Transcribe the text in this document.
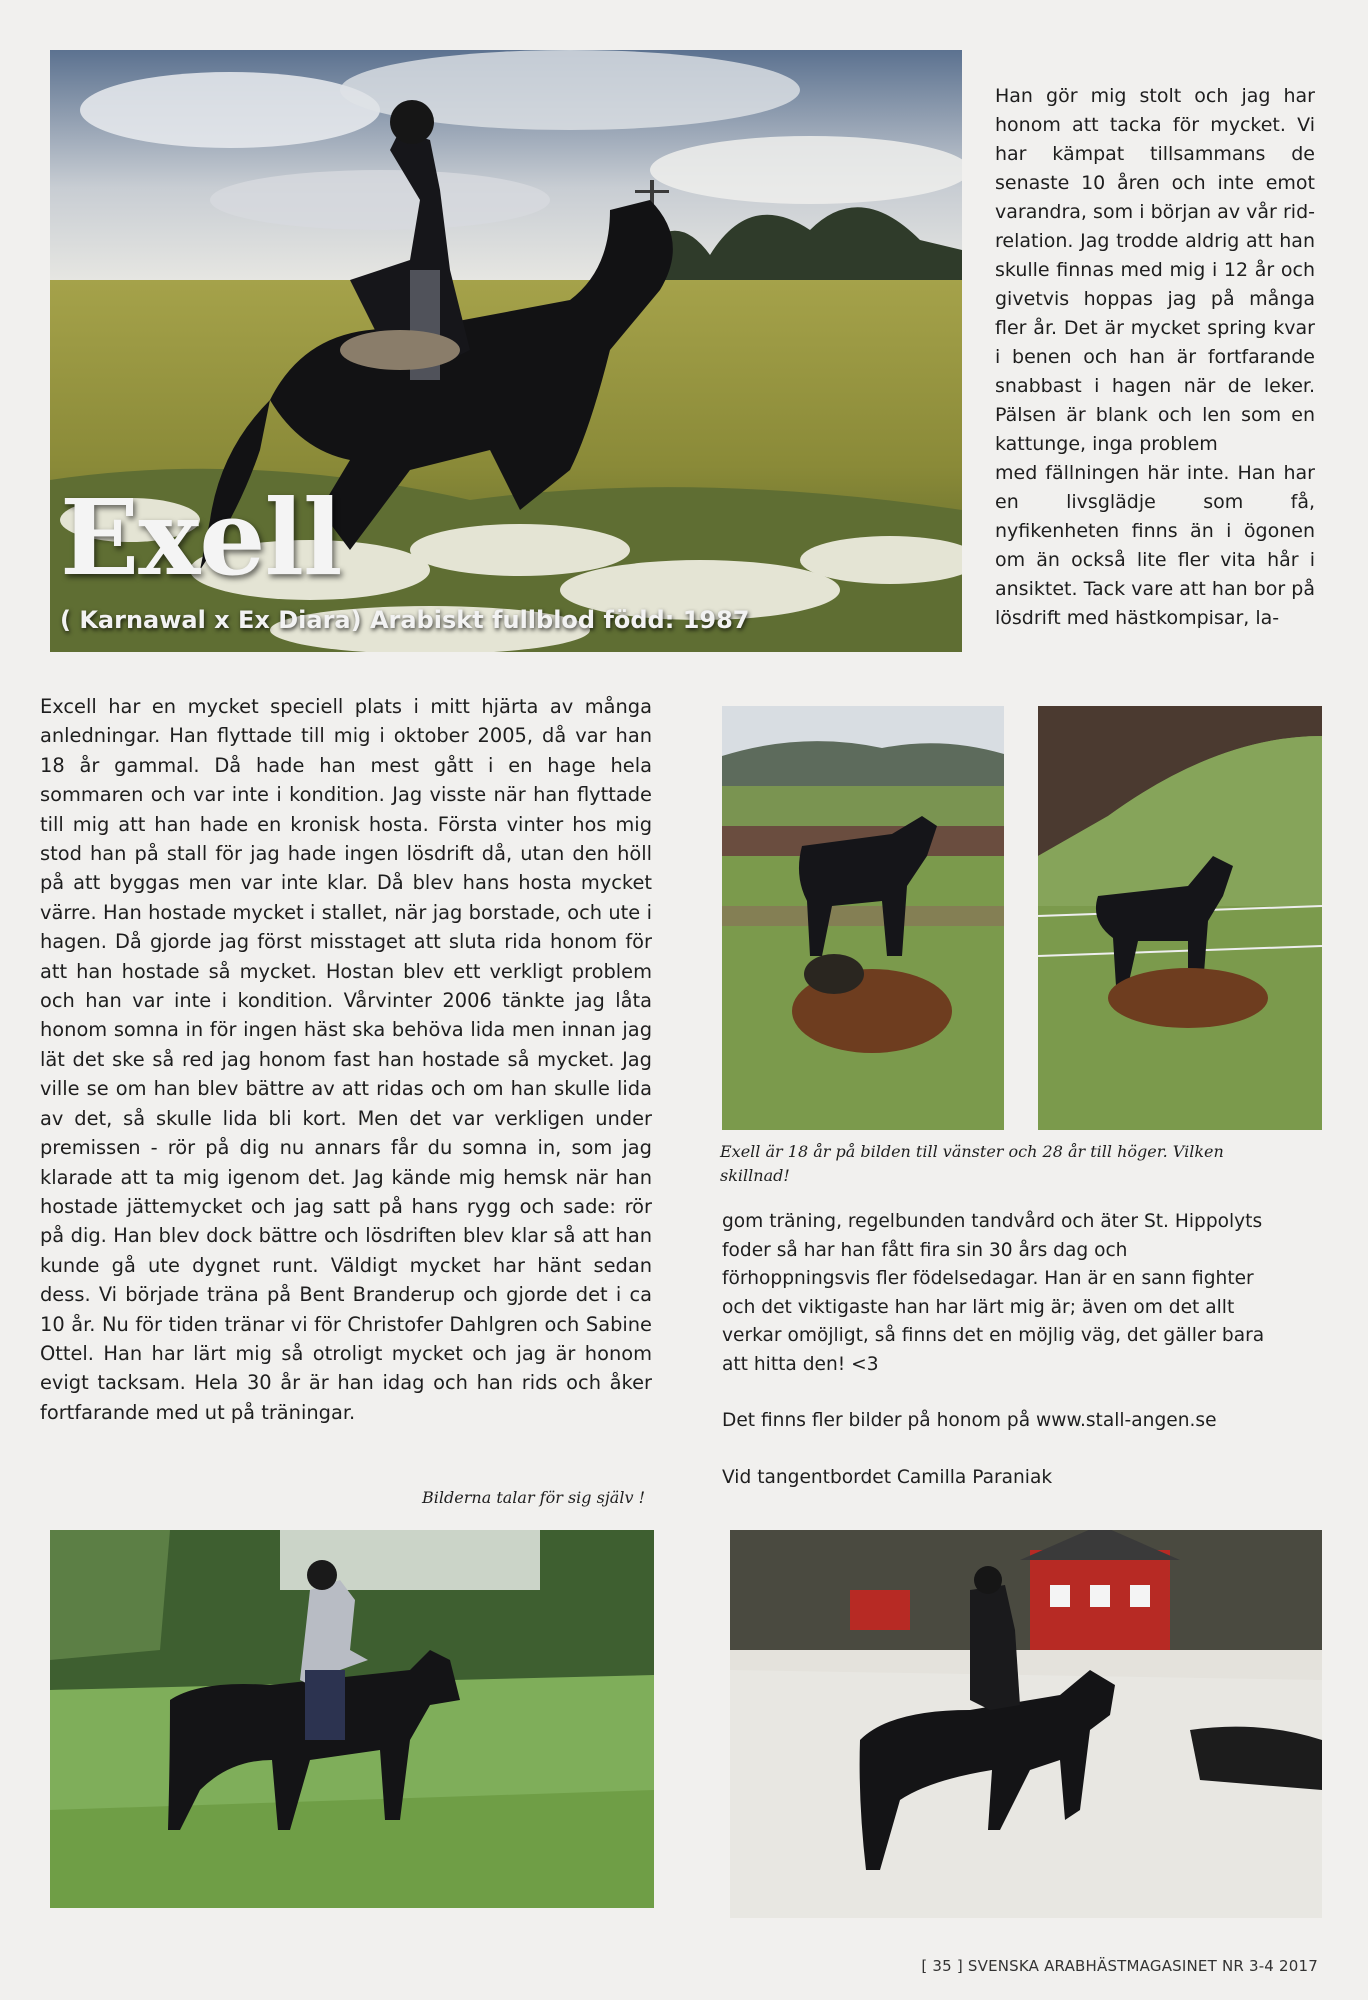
Exell
( Karnawal x Ex Diara) Arabiskt fullblod född: 1987

Han gör mig stolt och jag har honom att tacka för mycket. Vi har kämpat tillsammans de senaste 10 åren och inte emot varandra, som i början av vår rid-relation. Jag trodde aldrig att han skulle finnas med mig i 12 år och givetvis hoppas jag på många fler år. Det är mycket spring kvar i benen och han är fortfarande snabbast i hagen när de leker. Pälsen är blank och len som en kattunge, inga problem

med fällningen här inte. Han har en livsglädje som få, nyfikenheten finns än i ögonen om än också lite fler vita hår i ansiktet. Tack vare att han bor på lösdrift med hästkompisar, la-

Excell har en mycket speciell plats i mitt hjärta av många anledningar. Han flyttade till mig i oktober 2005, då var han 18 år gammal. Då hade han mest gått i en hage hela sommaren och var inte i kondition. Jag visste när han flyttade till mig att han hade en kronisk hosta. Första vinter hos mig stod han på stall för jag hade ingen lösdrift då, utan den höll på att byggas men var inte klar. Då blev hans hosta mycket värre. Han hostade mycket i stallet, när jag borstade, och ute i hagen. Då gjorde jag först misstaget att sluta rida honom för att han hostade så mycket. Hostan blev ett verkligt problem och han var inte i kondition. Vårvinter 2006 tänkte jag låta honom somna in för ingen häst ska behöva lida men innan jag lät det ske så red jag honom fast han hostade så mycket. Jag ville se om han blev bättre av att ridas och om han skulle lida av det, så skulle lida bli kort. Men det var verkligen under premissen - rör på dig nu annars får du somna in, som jag klarade att ta mig igenom det. Jag kände mig hemsk när han hostade jättemycket och jag satt på hans rygg och sade: rör på dig. Han blev dock bättre och lösdriften blev klar så att han kunde gå ute dygnet runt. Väldigt mycket har hänt sedan dess. Vi började träna på Bent Branderup och gjorde det i ca 10 år. Nu för tiden tränar vi för Christofer Dahlgren och Sabine Ottel. Han har lärt mig så otroligt mycket och jag är honom evigt tacksam. Hela 30 år är han idag och han rids och åker fortfarande med ut på träningar.

Exell är 18 år på bilden till vänster och 28 år till höger. Vilken skillnad!

gom träning, regelbunden tandvård och äter St. Hippolyts foder så har han fått fira sin 30 års dag och förhoppningsvis fler födelsedagar. Han är en sann fighter och det viktigaste han har lärt mig är; även om det allt verkar omöjligt, så finns det en möjlig väg, det gäller bara att hitta den! <3

Det finns fler bilder på honom på www.stall-angen.se

Vid tangentbordet Camilla Paraniak

Bilderna talar för sig själv !
[ 35 ] SVENSKA ARABHÄSTMAGASINET NR 3-4 2017
